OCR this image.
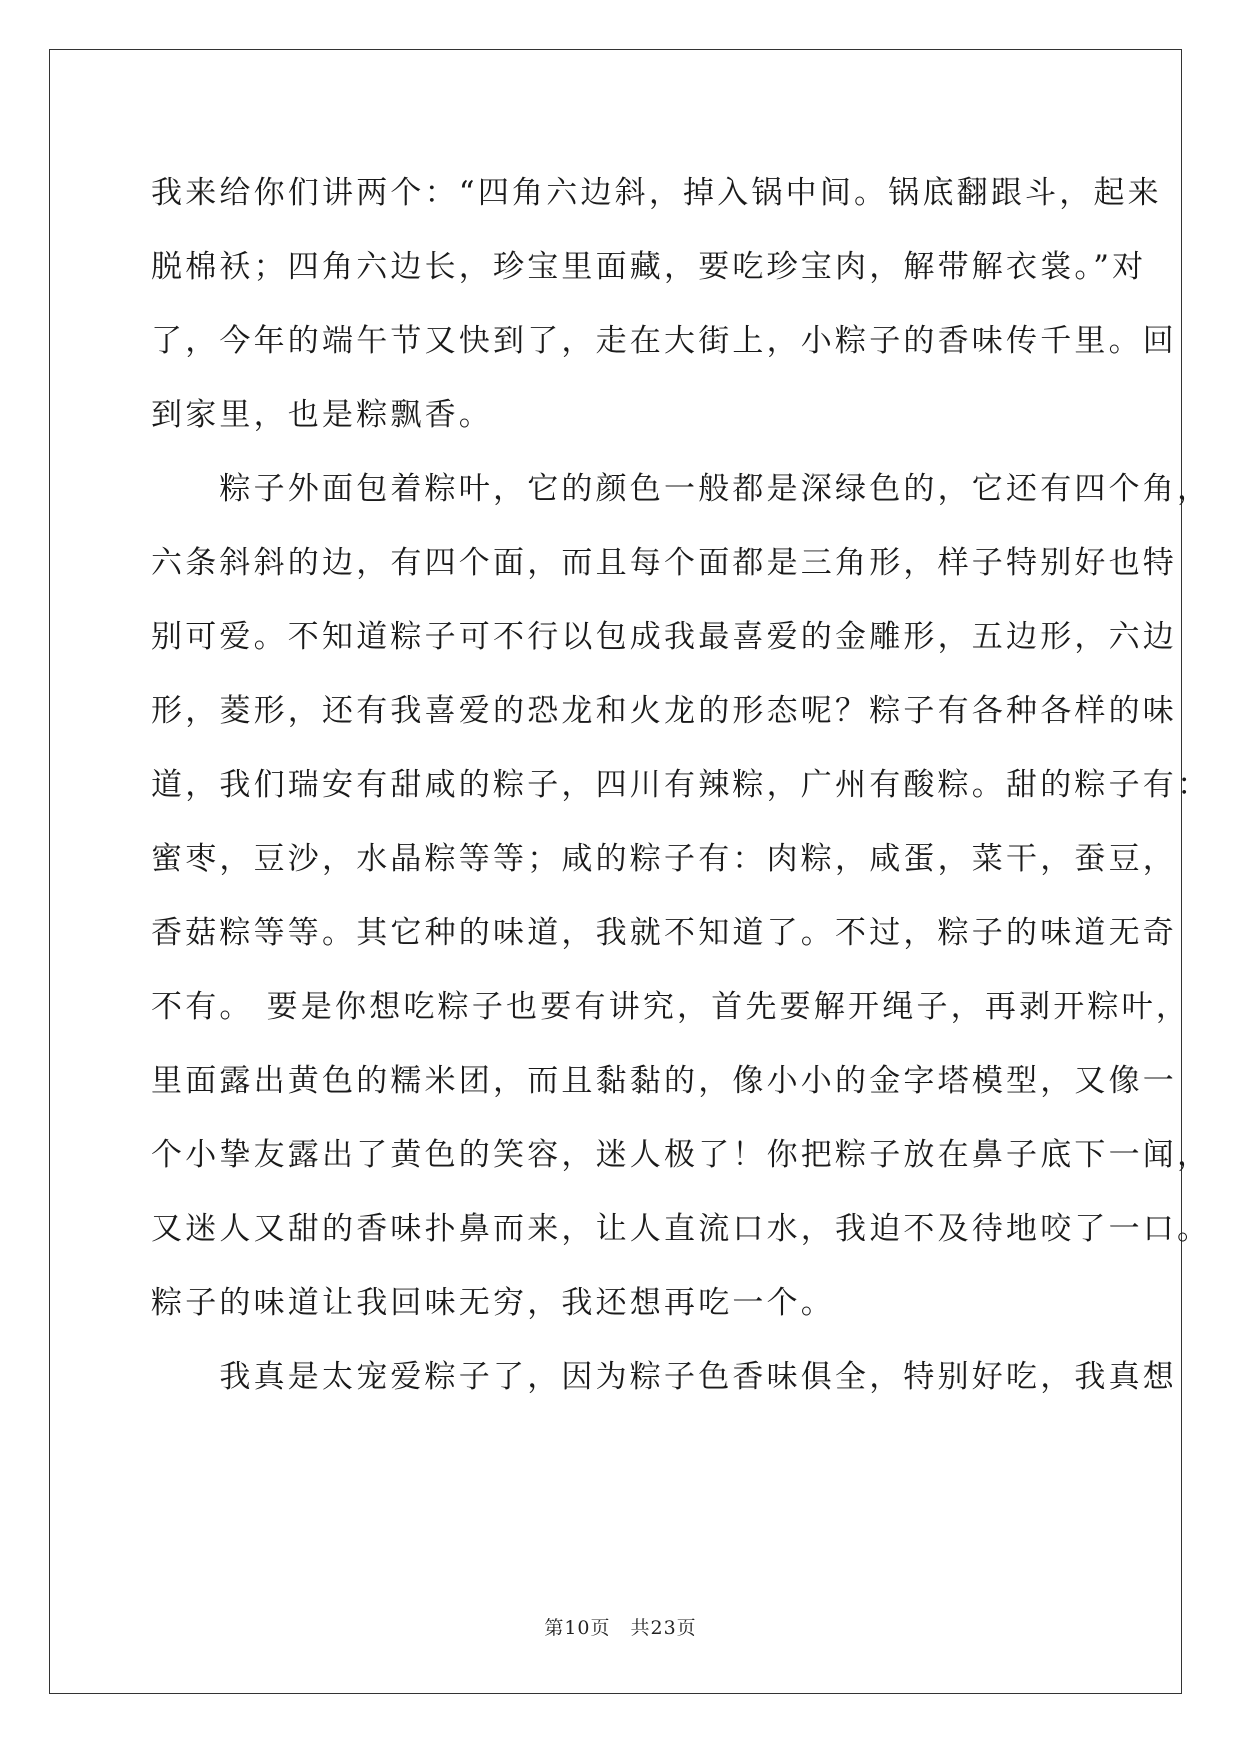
我来给你们讲两个：“四角六边斜，掉入锅中间。锅底翻跟斗，起来
脱棉袄；四角六边长，珍宝里面藏，要吃珍宝肉，解带解衣裳。”对
了，今年的端午节又快到了，走在大街上，小粽子的香味传千里。回
到家里，也是粽飘香。
　　粽子外面包着粽叶，它的颜色一般都是深绿色的，它还有四个角，
六条斜斜的边，有四个面，而且每个面都是三角形，样子特别好也特
别可爱。不知道粽子可不行以包成我最喜爱的金雕形，五边形，六边
形，菱形，还有我喜爱的恐龙和火龙的形态呢？粽子有各种各样的味
道，我们瑞安有甜咸的粽子，四川有辣粽，广州有酸粽。甜的粽子有：
蜜枣，豆沙，水晶粽等等；咸的粽子有：肉粽，咸蛋，菜干，蚕豆，
香菇粽等等。其它种的味道，我就不知道了。不过，粽子的味道无奇
不有。 要是你想吃粽子也要有讲究，首先要解开绳子，再剥开粽叶，
里面露出黄色的糯米团，而且黏黏的，像小小的金字塔模型，又像一
个小挚友露出了黄色的笑容，迷人极了！你把粽子放在鼻子底下一闻，
又迷人又甜的香味扑鼻而来，让人直流口水，我迫不及待地咬了一口。
粽子的味道让我回味无穷，我还想再吃一个。
　　我真是太宠爱粽子了，因为粽子色香味俱全，特别好吃，我真想
第10页　共23页
